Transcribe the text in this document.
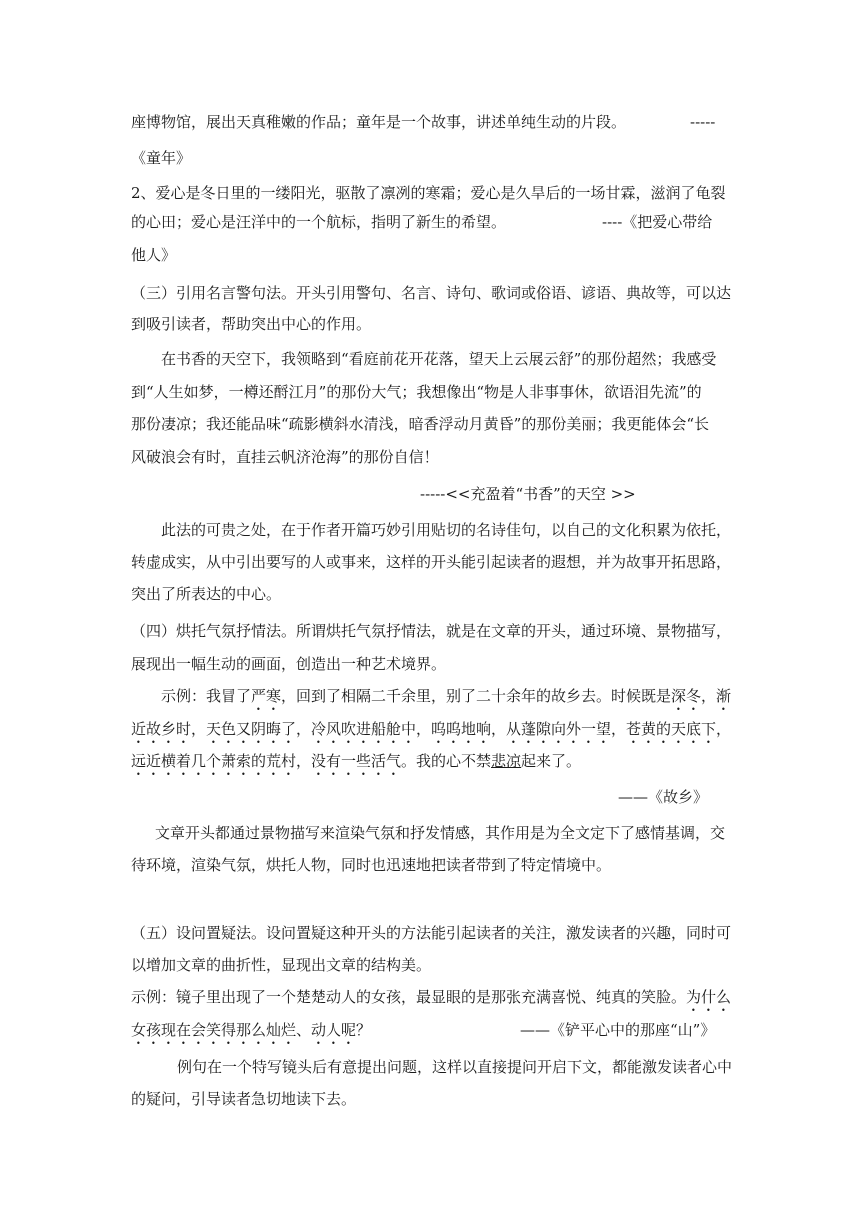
座博物馆，展出天真稚嫩的作品；童年是一个故事，讲述单纯生动的片段。	-----
《童年》
2、爱心是冬日里的一缕阳光，驱散了凛冽的寒霜；爱心是久旱后的一场甘霖，滋润了龟裂
的心田；爱心是汪洋中的一个航标，指明了新生的希望。	----《把爱心带给
他人》
（三）引用名言警句法。开头引用警句、名言、诗句、歌词或俗语、谚语、典故等，可以达
到吸引读者，帮助突出中心的作用。
在书香的天空下，我领略到“看庭前花开花落，望天上云展云舒”的那份超然；我感受
到“人生如梦，一樽还酹江月”的那份大气；我想像出“物是人非事事休，欲语泪先流”的
那份凄凉；我还能品味“疏影横斜水清浅，暗香浮动月黄昏”的那份美丽；我更能体会“长
风破浪会有时，直挂云帆济沧海”的那份自信！
-----<<充盈着“书香”的天空 >>
此法的可贵之处，在于作者开篇巧妙引用贴切的名诗佳句，以自己的文化积累为依托，
转虚成实，从中引出要写的人或事来，这样的开头能引起读者的遐想，并为故事开拓思路，
突出了所表达的中心。
（四）烘托气氛抒情法。所谓烘托气氛抒情法，就是在文章的开头，通过环境、景物描写，
展现出一幅生动的画面，创造出一种艺术境界。
示例：我冒了严寒，回到了相隔二千余里，别了二十余年的故乡去。时候既是深冬，渐
近故乡时，天色又阴晦了，冷风吹进船舱中，呜呜地响，从蓬隙向外一望，苍黄的天底下，
远近横着几个萧索的荒村，没有一些活气。我的心不禁悲凉起来了。
——《故乡》
文章开头都通过景物描写来渲染气氛和抒发情感，其作用是为全文定下了感情基调，交
待环境，渲染气氛，烘托人物，同时也迅速地把读者带到了特定情境中。
（五）设问置疑法。设问置疑这种开头的方法能引起读者的关注，激发读者的兴趣，同时可
以增加文章的曲折性，显现出文章的结构美。
示例：镜子里出现了一个楚楚动人的女孩，最显眼的是那张充满喜悦、纯真的笑脸。为什么
女孩现在会笑得那么灿烂、动人呢？	——《铲平心中的那座“山”》
例句在一个特写镜头后有意提出问题，这样以直接提问开启下文，都能激发读者心中
的疑问，引导读者急切地读下去。
